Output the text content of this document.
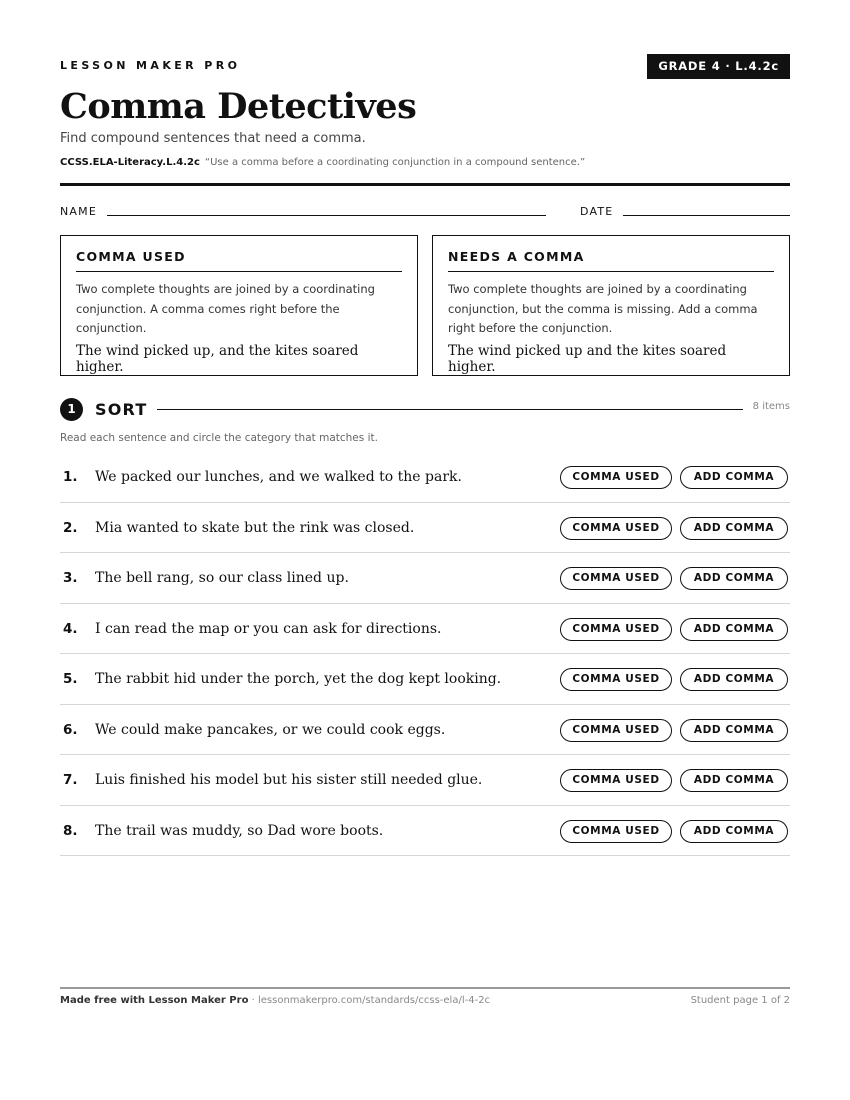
LESSON MAKER PRO	GRADE 4 · L.4.2c
Comma Detectives
Find compound sentences that need a comma.
CCSS.ELA-Literacy.L.4.2c “Use a comma before a coordinating conjunction in a compound sentence.”
NAME	DATE
COMMA USED
Two complete thoughts are joined by a coordinating conjunction. A comma comes right before the conjunction.
The wind picked up, and the kites soared higher.
NEEDS A COMMA
Two complete thoughts are joined by a coordinating conjunction, but the comma is missing. Add a comma right before the conjunction.
The wind picked up and the kites soared higher.
1	SORT	8 items
Read each sentence and circle the category that matches it.
1. We packed our lunches, and we walked to the park.	COMMA USED	ADD COMMA
2. Mia wanted to skate but the rink was closed.	COMMA USED	ADD COMMA
3. The bell rang, so our class lined up.	COMMA USED	ADD COMMA
4. I can read the map or you can ask for directions.	COMMA USED	ADD COMMA
5. The rabbit hid under the porch, yet the dog kept looking.	COMMA USED	ADD COMMA
6. We could make pancakes, or we could cook eggs.	COMMA USED	ADD COMMA
7. Luis finished his model but his sister still needed glue.	COMMA USED	ADD COMMA
8. The trail was muddy, so Dad wore boots.	COMMA USED	ADD COMMA
Made free with Lesson Maker Pro · lessonmakerpro.com/standards/ccss-ela/l-4-2c	Student page 1 of 2
